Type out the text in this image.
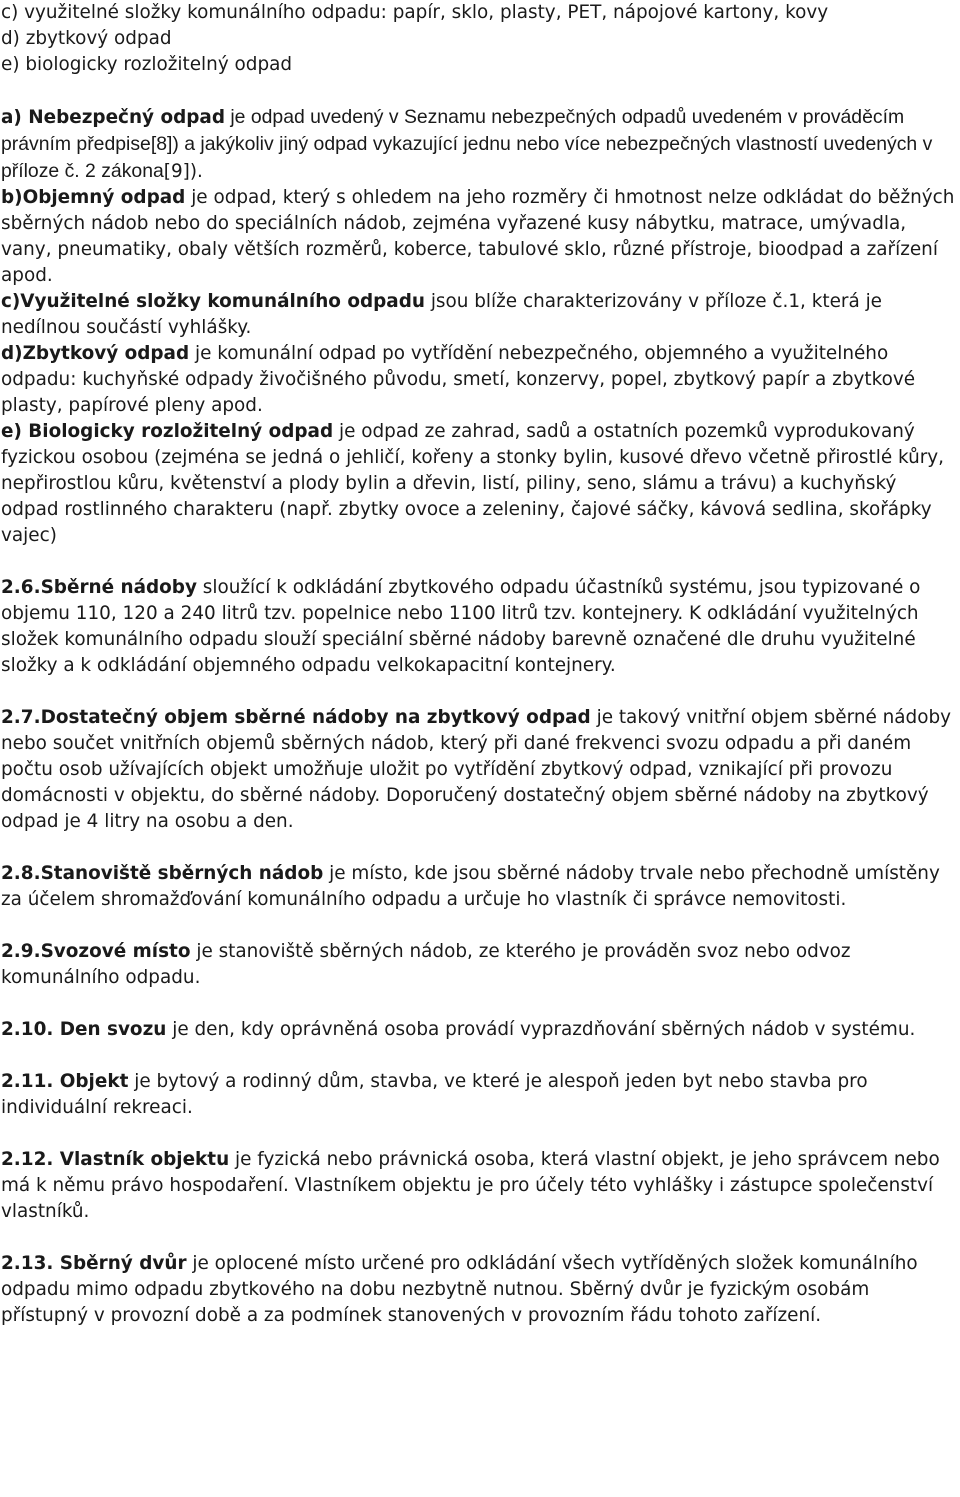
c) využitelné složky komunálního odpadu: papír, sklo, plasty, PET, nápojové kartony, kovy

d) zbytkový odpad

e) biologicky rozložitelný odpad

a) Nebezpečný odpad je odpad uvedený v Seznamu nebezpečných odpadů uvedeném v prováděcím právním předpise[8]) a jakýkoliv jiný odpad vykazující jednu nebo více nebezpečných vlastností uvedených v příloze č. 2 zákona[9]).

b)Objemný odpad je odpad, který s ohledem na jeho rozměry či hmotnost nelze odkládat do běžných sběrných nádob nebo do speciálních nádob, zejména vyřazené kusy nábytku, matrace, umývadla, vany, pneumatiky, obaly větších rozměrů, koberce, tabulové sklo, různé přístroje, bioodpad a zařízení apod.

c)Využitelné složky komunálního odpadu jsou blíže charakterizovány v příloze č.1, která je nedílnou součástí vyhlášky.

d)Zbytkový odpad je komunální odpad po vytřídění nebezpečného, objemného a využitelného odpadu: kuchyňské odpady živočišného původu, smetí, konzervy, popel, zbytkový papír a zbytkové plasty, papírové pleny apod.

e) Biologicky rozložitelný odpad je odpad ze zahrad, sadů a ostatních pozemků vyprodukovaný fyzickou osobou (zejména se jedná o jehličí, kořeny a stonky bylin, kusové dřevo včetně přirostlé kůry, nepřirostlou kůru, květenství a plody bylin a dřevin, listí, piliny, seno, slámu a trávu) a kuchyňský odpad rostlinného charakteru (např. zbytky ovoce a zeleniny, čajové sáčky, kávová sedlina, skořápky vajec)

2.6.Sběrné nádoby sloužící k odkládání zbytkového odpadu účastníků systému, jsou typizované o objemu 110, 120 a 240 litrů tzv. popelnice nebo 1100 litrů tzv. kontejnery. K odkládání využitelných složek komunálního odpadu slouží speciální sběrné nádoby barevně označené dle druhu využitelné složky a k odkládání objemného odpadu velkokapacitní kontejnery.

2.7.Dostatečný objem sběrné nádoby na zbytkový odpad je takový vnitřní objem sběrné nádoby nebo součet vnitřních objemů sběrných nádob, který při dané frekvenci svozu odpadu a při daném počtu osob užívajících objekt umožňuje uložit po vytřídění zbytkový odpad, vznikající při provozu domácnosti v objektu, do sběrné nádoby. Doporučený dostatečný objem sběrné nádoby na zbytkový odpad je 4 litry na osobu a den.

2.8.Stanoviště sběrných nádob je místo, kde jsou sběrné nádoby trvale nebo přechodně umístěny za účelem shromažďování komunálního odpadu a určuje ho vlastník či správce nemovitosti.

2.9.Svozové místo je stanoviště sběrných nádob, ze kterého je prováděn svoz nebo odvoz komunálního odpadu.

2.10. Den svozu je den, kdy oprávněná osoba provádí vyprazdňování sběrných nádob v systému.

2.11. Objekt je bytový a rodinný dům, stavba, ve které je alespoň jeden byt nebo stavba pro individuální rekreaci.

2.12. Vlastník objektu je fyzická nebo právnická osoba, která vlastní objekt, je jeho správcem nebo má k němu právo hospodaření. Vlastníkem objektu je pro účely této vyhlášky i zástupce společenství vlastníků.

2.13. Sběrný dvůr je oplocené místo určené pro odkládání všech vytříděných složek komunálního odpadu mimo odpadu zbytkového na dobu nezbytně nutnou. Sběrný dvůr je fyzickým osobám přístupný v provozní době a za podmínek stanovených v provozním řádu tohoto zařízení.
